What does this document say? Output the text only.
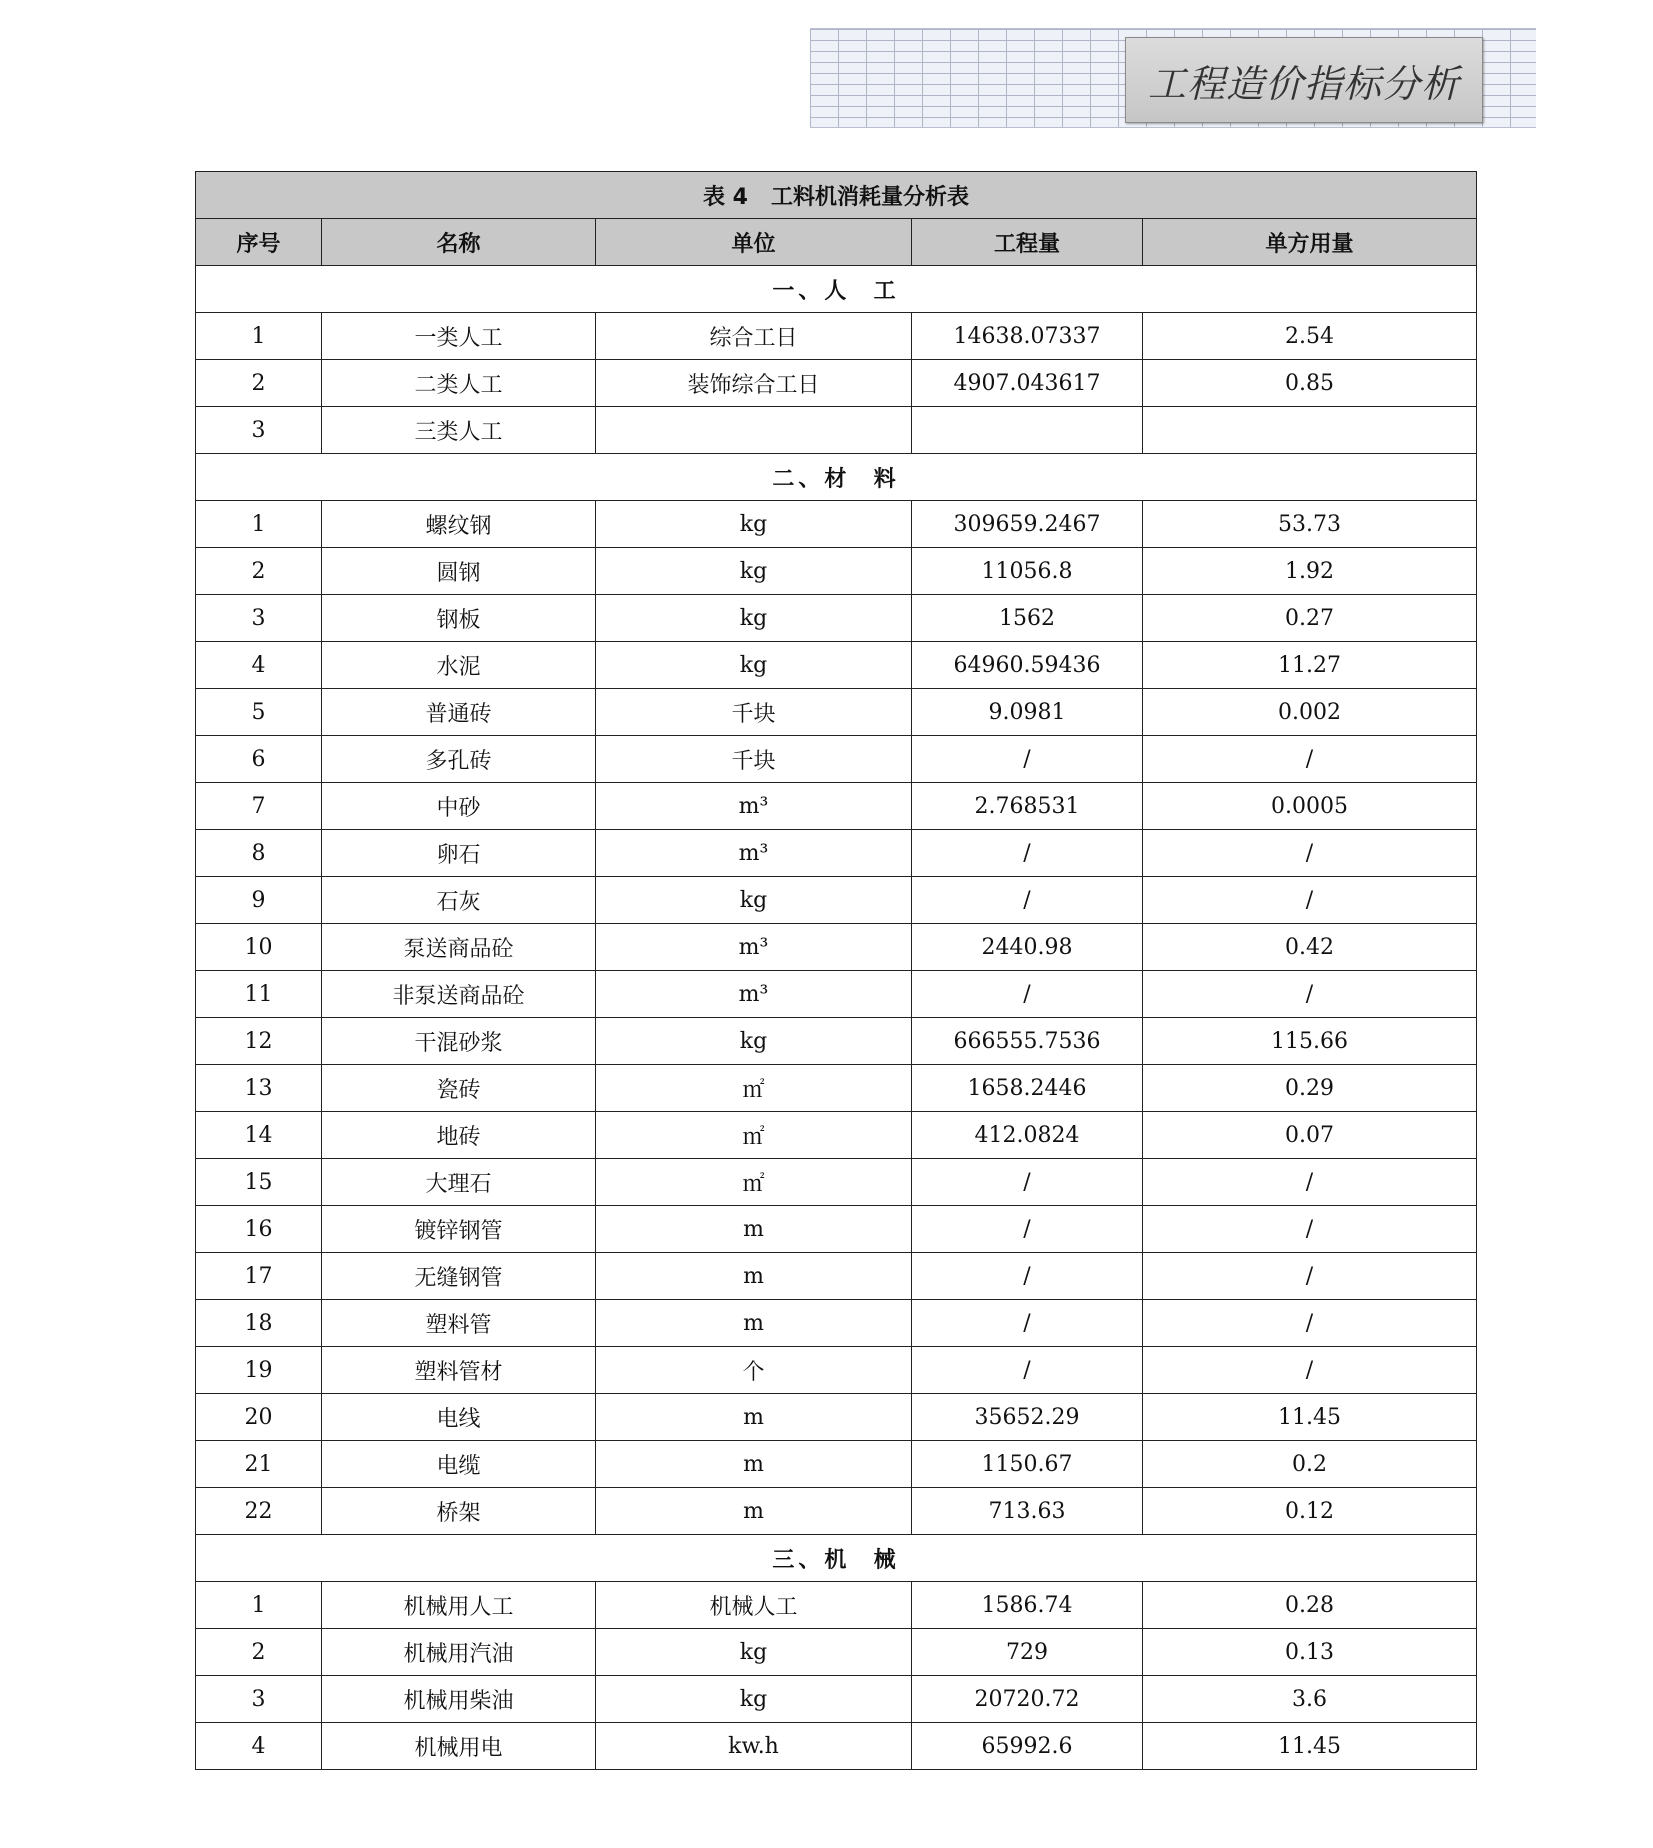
工程造价指标分析
表 4   工料机消耗量分析表				
序号	名称	单位	工程量	单方用量
一、人  工				
1	一类人工	综合工日	14638.07337	2.54
2	二类人工	装饰综合工日	4907.043617	0.85
3	三类人工			
二、材  料				
1	螺纹钢	kg	309659.2467	53.73
2	圆钢	kg	11056.8	1.92
3	钢板	kg	1562	0.27
4	水泥	kg	64960.59436	11.27
5	普通砖	千块	9.0981	0.002
6	多孔砖	千块	/	/
7	中砂	m³	2.768531	0.0005
8	卵石	m³	/	/
9	石灰	kg	/	/
10	泵送商品砼	m³	2440.98	0.42
11	非泵送商品砼	m³	/	/
12	干混砂浆	kg	666555.7536	115.66
13	瓷砖	㎡	1658.2446	0.29
14	地砖	㎡	412.0824	0.07
15	大理石	㎡	/	/
16	镀锌钢管	m	/	/
17	无缝钢管	m	/	/
18	塑料管	m	/	/
19	塑料管材	个	/	/
20	电线	m	35652.29	11.45
21	电缆	m	1150.67	0.2
22	桥架	m	713.63	0.12
三、机  械				
1	机械用人工	机械人工	1586.74	0.28
2	机械用汽油	kg	729	0.13
3	机械用柴油	kg	20720.72	3.6
4	机械用电	kw.h	65992.6	11.45
